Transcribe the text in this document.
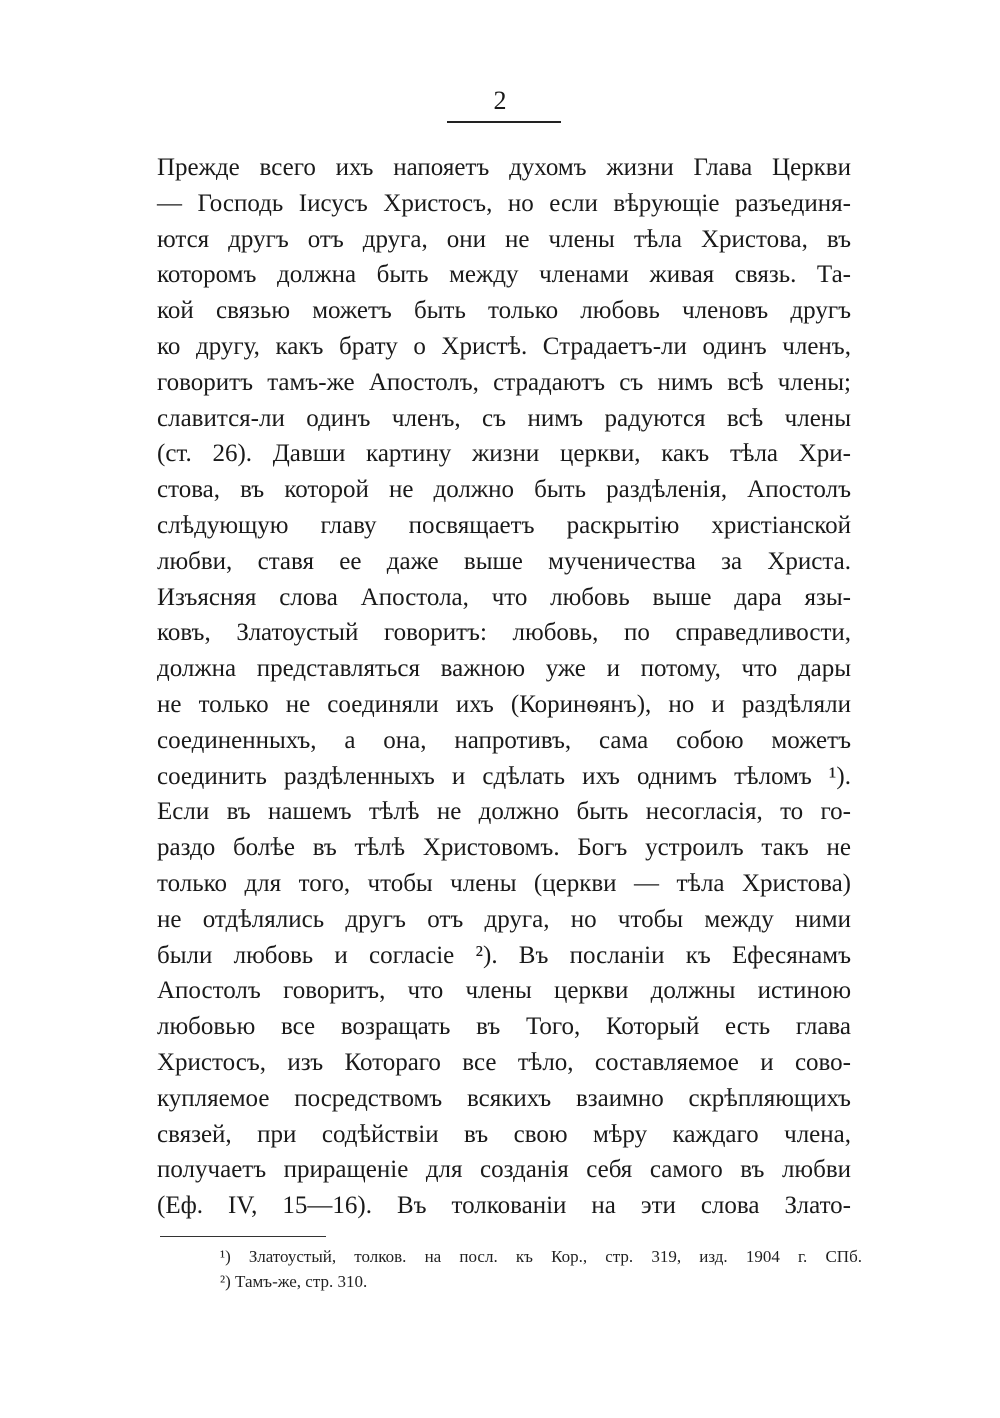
2
Прежде всего ихъ напояетъ духомъ жизни Глава Церкви
— Господь Іисусъ Христосъ, но если вѣрующіе разъединя-
ются другъ отъ друга, они не члены тѣла Христова, въ
которомъ должна быть между членами живая связь. Та-
кой связью можетъ быть только любовь членовъ другъ
ко другу, какъ брату о Христѣ. Страдаетъ-ли одинъ членъ,
говоритъ тамъ-же Апостолъ, страдаютъ съ нимъ всѣ члены;
славится-ли одинъ членъ, съ нимъ радуются всѣ члены
(ст. 26). Давши картину жизни церкви, какъ тѣла Хри-
стова, въ которой не должно быть раздѣленія, Апостолъ
слѣдующую главу посвящаетъ раскрытію христіанской
любви, ставя ее даже выше мученичества за Христа.
Изъясняя слова Апостола, что любовь выше дара язы-
ковъ, Златоустый говоритъ: любовь, по справедливости,
должна представляться важною уже и потому, что дары
не только не соединяли ихъ (Коринѳянъ), но и раздѣляли
соединенныхъ, а она, напротивъ, сама собою можетъ
соединить раздѣленныхъ и сдѣлать ихъ однимъ тѣломъ ¹).
Если въ нашемъ тѣлѣ не должно быть несогласія, то го-
раздо болѣе въ тѣлѣ Христовомъ. Богъ устроилъ такъ не
только для того, чтобы члены (церкви — тѣла Христова)
не отдѣлялись другъ отъ друга, но чтобы между ними
были любовь и согласіе ²). Въ посланіи къ Ефесянамъ
Апостолъ говоритъ, что члены церкви должны истиною
любовью все возращать въ Того, Который есть глава
Христосъ, изъ Котораго все тѣло, составляемое и сово-
купляемое посредствомъ всякихъ взаимно скрѣпляющихъ
связей, при содѣйствіи въ свою мѣру каждаго члена,
получаетъ приращеніе для созданія себя самого въ любви
(Еф. IV, 15—16). Въ толкованіи на эти слова Злато-
¹) Златоустый, толков. на посл. къ Кор., стр. 319, изд. 1904 г. СПб.
²) Тамъ-же, стр. 310.
